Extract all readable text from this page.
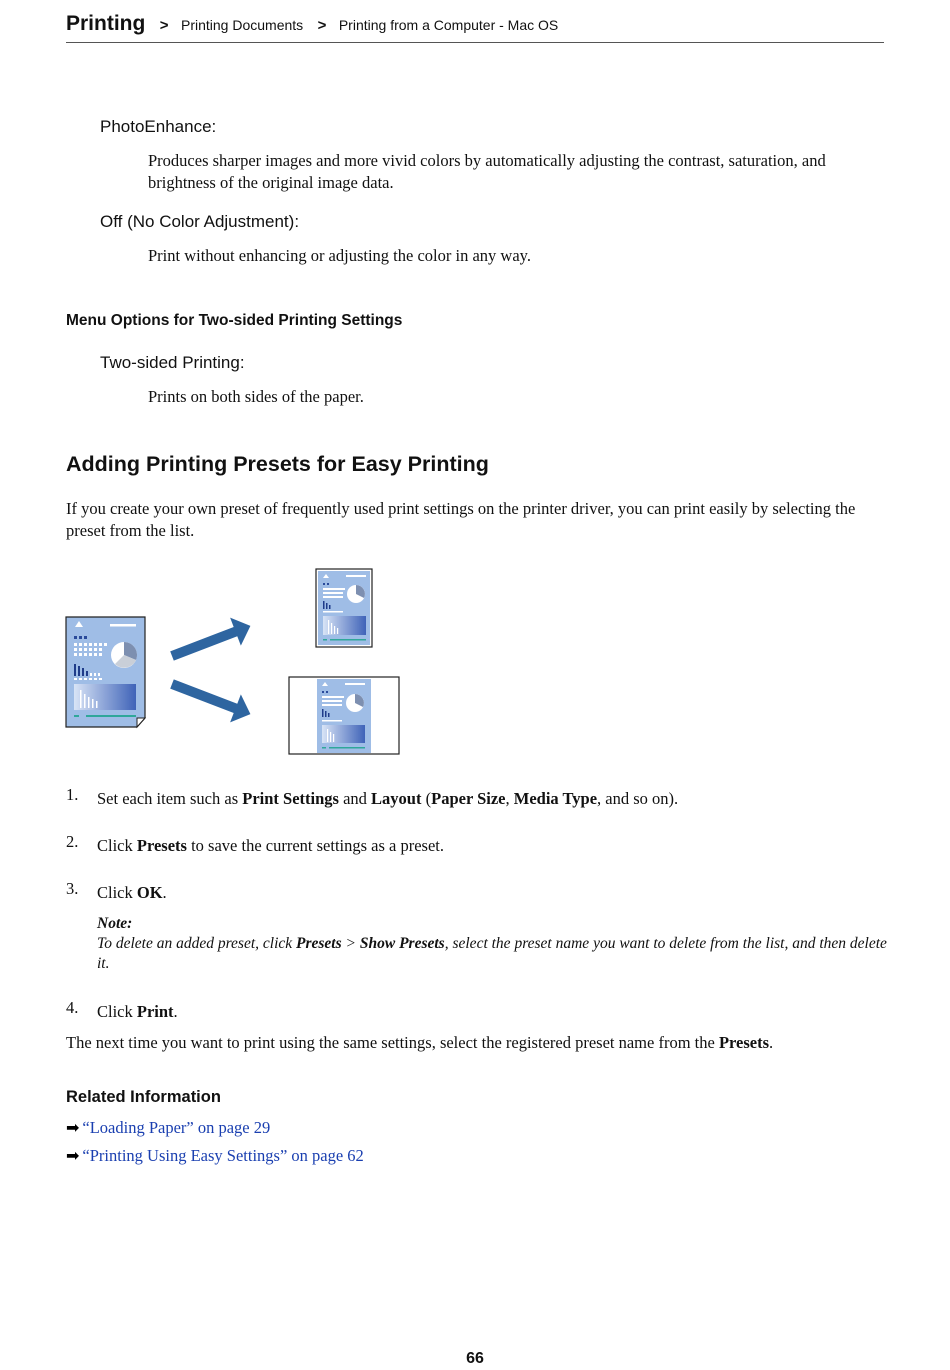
Printing > Printing Documents > Printing from a Computer - Mac OS
PhotoEnhance:
Produces sharper images and more vivid colors by automatically adjusting the contrast, saturation, and brightness of the original image data.
Off (No Color Adjustment):
Print without enhancing or adjusting the color in any way.
Menu Options for Two-sided Printing Settings
Two-sided Printing:
Prints on both sides of the paper.
Adding Printing Presets for Easy Printing
If you create your own preset of frequently used print settings on the printer driver, you can print easily by selecting the preset from the list.
1. Set each item such as Print Settings and Layout (Paper Size, Media Type, and so on).
2. Click Presets to save the current settings as a preset.
3. Click OK.
Note:
To delete an added preset, click Presets > Show Presets, select the preset name you want to delete from the list, and then delete it.
4. Click Print.
The next time you want to print using the same settings, select the registered preset name from the Presets.
Related Information
➡ “Loading Paper” on page 29
➡ “Printing Using Easy Settings” on page 62
66
